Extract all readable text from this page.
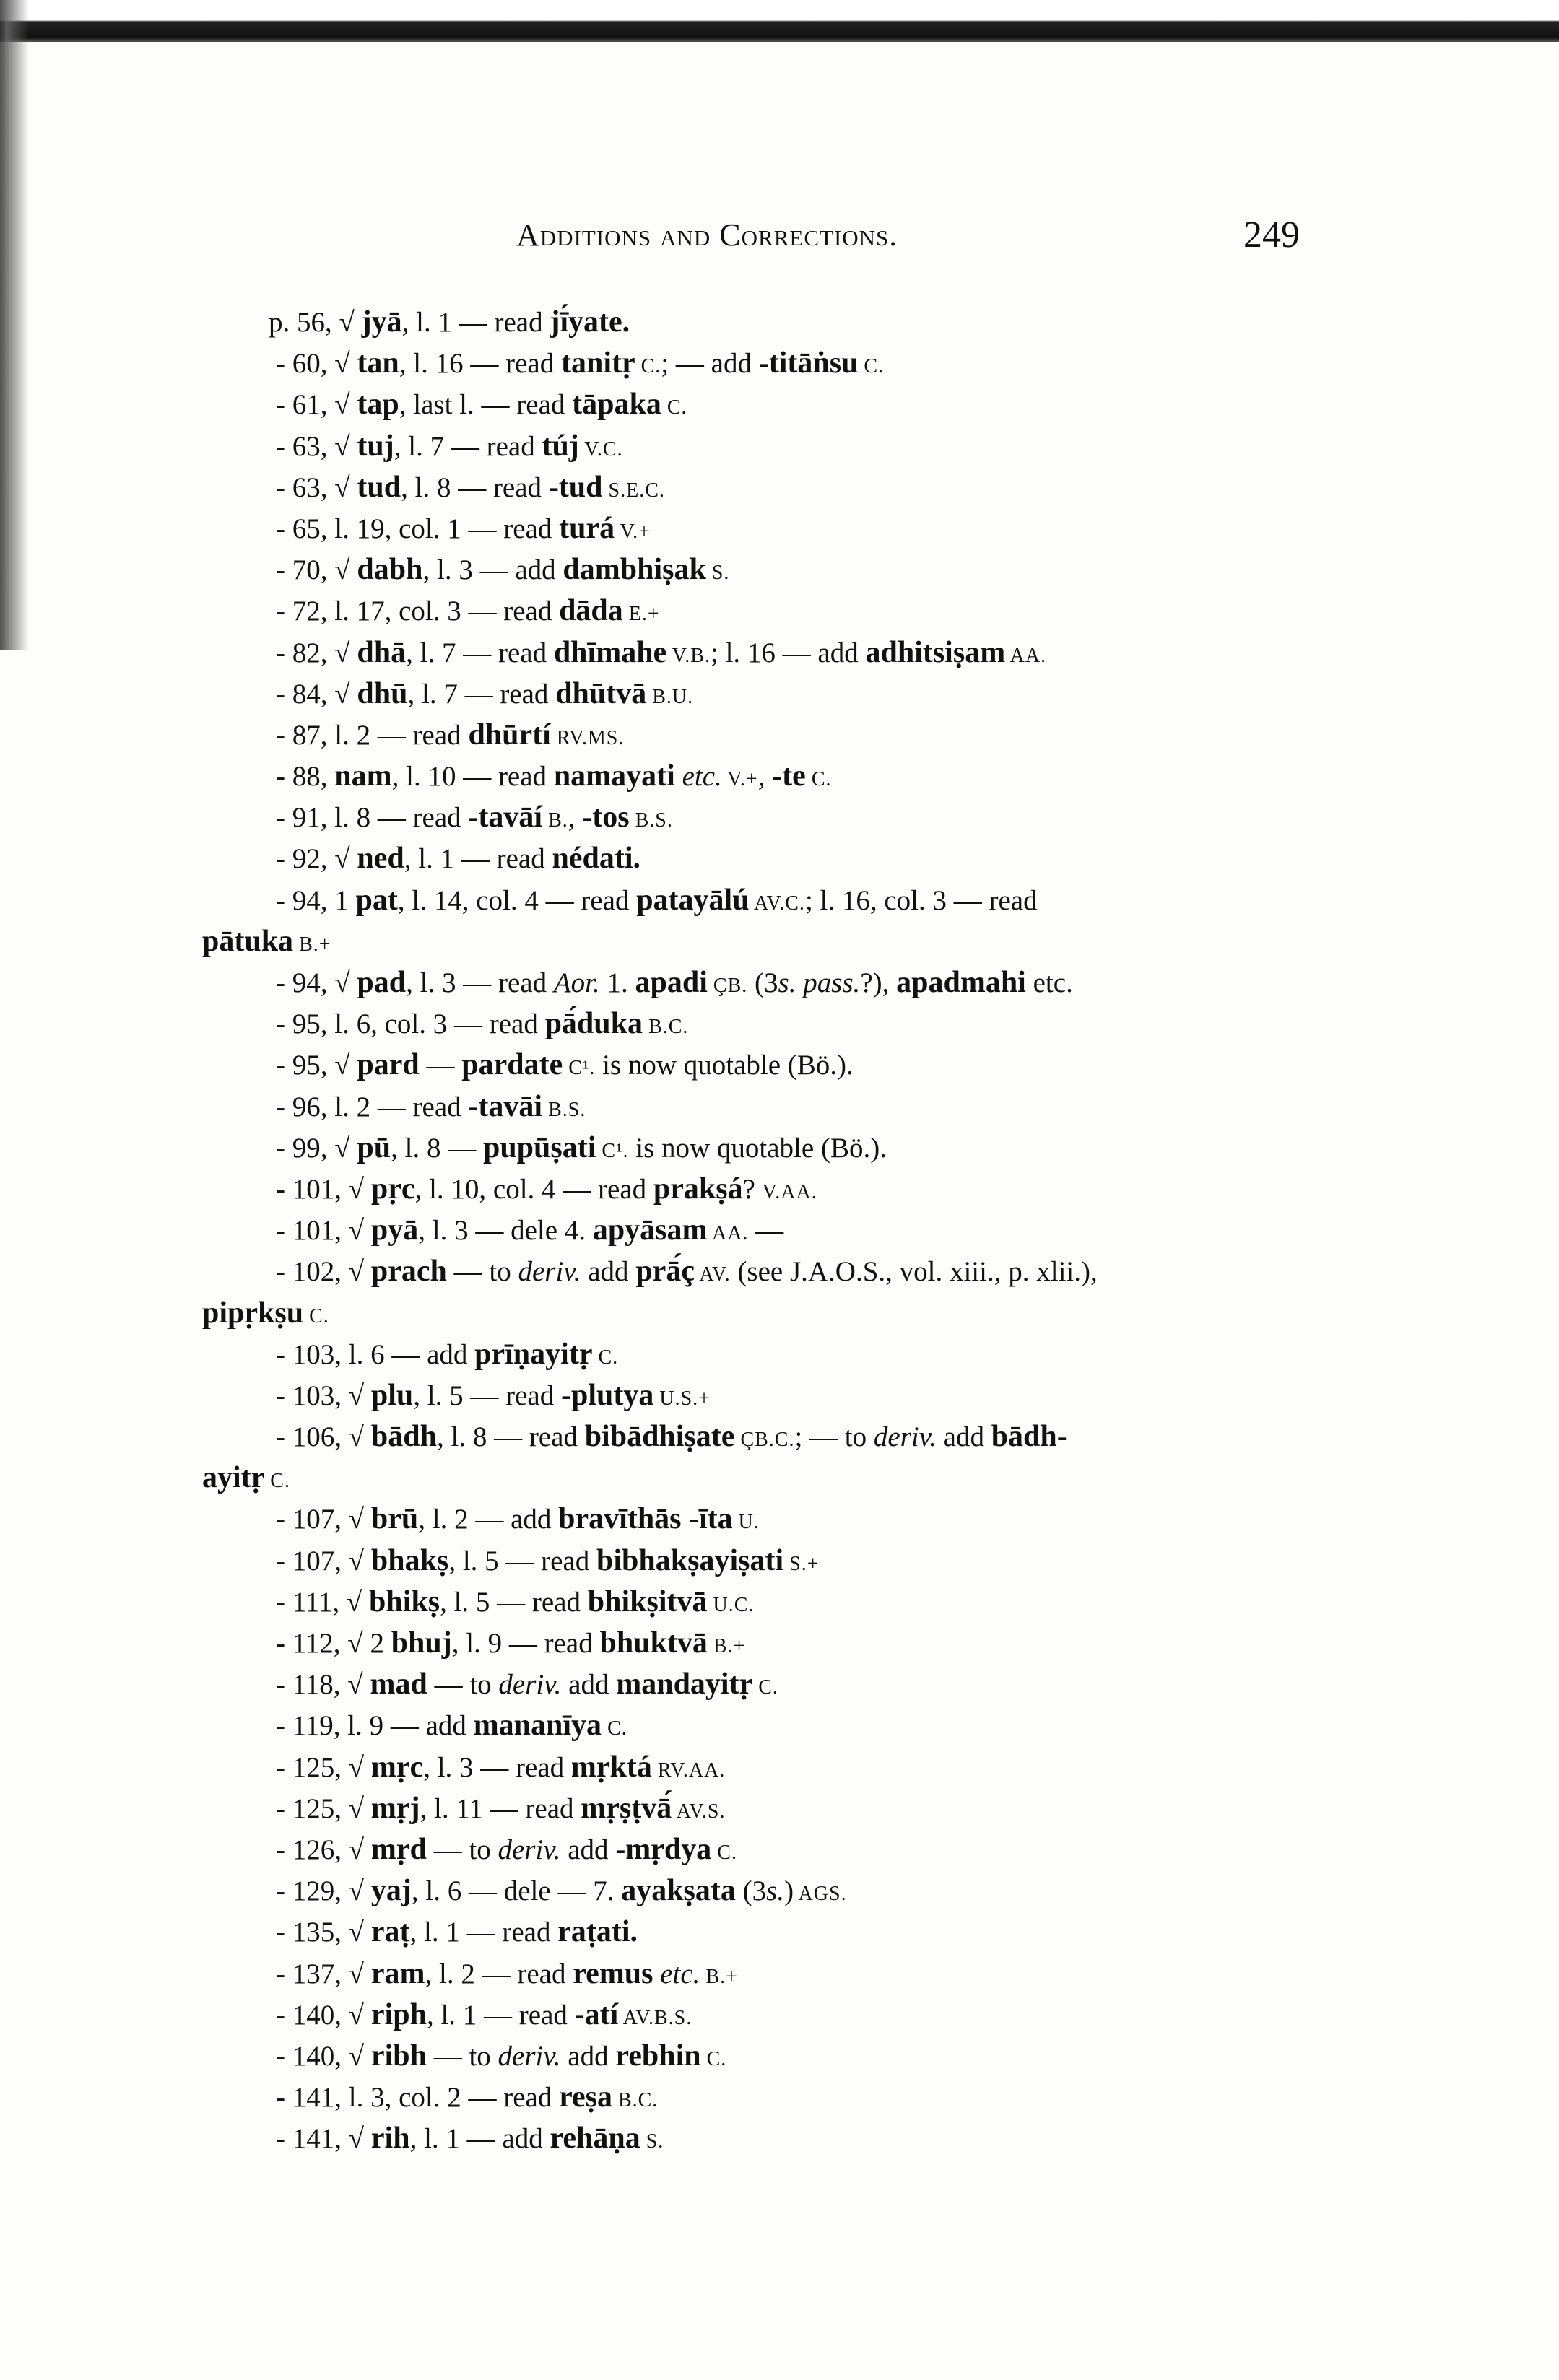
Additions and Corrections.	249
p. 56, √ jyā, l. 1 — read jī́yate.
- 60, √ tan, l. 16 — read tanitṛ C.; — add -titāṅsu C.
- 61, √ tap, last l. — read tāpaka C.
- 63, √ tuj, l. 7 — read túj V.C.
- 63, √ tud, l. 8 — read -tud S.E.C.
- 65, l. 19, col. 1 — read turá V.+
- 70, √ dabh, l. 3 — add dambhiṣak S.
- 72, l. 17, col. 3 — read dāda E.+
- 82, √ dhā, l. 7 — read dhīmahe V.B.; l. 16 — add adhitsiṣam AA.
- 84, √ dhū, l. 7 — read dhūtvā B.U.
- 87, l. 2 — read dhūrtí RV.MS.
- 88, nam, l. 10 — read namayati etc. V.+, -te C.
- 91, l. 8 — read -tavāí B., -tos B.S.
- 92, √ ned, l. 1 — read nédati.
- 94, 1 pat, l. 14, col. 4 — read patayālú AV.C.; l. 16, col. 3 — read
pātuka B.+
- 94, √ pad, l. 3 — read Aor. 1. apadi ÇB. (3s. pass.?), apadmahi etc.
- 95, l. 6, col. 3 — read pā́duka B.C.
- 95, √ pard — pardate C¹. is now quotable (Bö.).
- 96, l. 2 — read -tavāi B.S.
- 99, √ pū, l. 8 — pupūṣati C¹. is now quotable (Bö.).
- 101, √ pṛc, l. 10, col. 4 — read prakṣá? V.AA.
- 101, √ pyā, l. 3 — dele 4. apyāsam AA. —
- 102, √ prach — to deriv. add prā́ç AV. (see J.A.O.S., vol. xiii., p. xlii.),
pipṛkṣu C.
- 103, l. 6 — add prīṇayitṛ C.
- 103, √ plu, l. 5 — read -plutya U.S.+
- 106, √ bādh, l. 8 — read bibādhiṣate ÇB.C.; — to deriv. add bādh-
ayitṛ C.
- 107, √ brū, l. 2 — add bravīthās -īta U.
- 107, √ bhakṣ, l. 5 — read bibhakṣayiṣati S.+
- 111, √ bhikṣ, l. 5 — read bhikṣitvā U.C.
- 112, √ 2 bhuj, l. 9 — read bhuktvā B.+
- 118, √ mad — to deriv. add mandayitṛ C.
- 119, l. 9 — add mananīya C.
- 125, √ mṛc, l. 3 — read mṛktá RV.AA.
- 125, √ mṛj, l. 11 — read mṛṣṭvā́ AV.S.
- 126, √ mṛd — to deriv. add -mṛdya C.
- 129, √ yaj, l. 6 — dele — 7. ayakṣata (3s.) AGS.
- 135, √ raṭ, l. 1 — read raṭati.
- 137, √ ram, l. 2 — read remus etc. B.+
- 140, √ riph, l. 1 — read -atí AV.B.S.
- 140, √ ribh — to deriv. add rebhin C.
- 141, l. 3, col. 2 — read reṣa B.C.
- 141, √ rih, l. 1 — add rehāṇa S.
